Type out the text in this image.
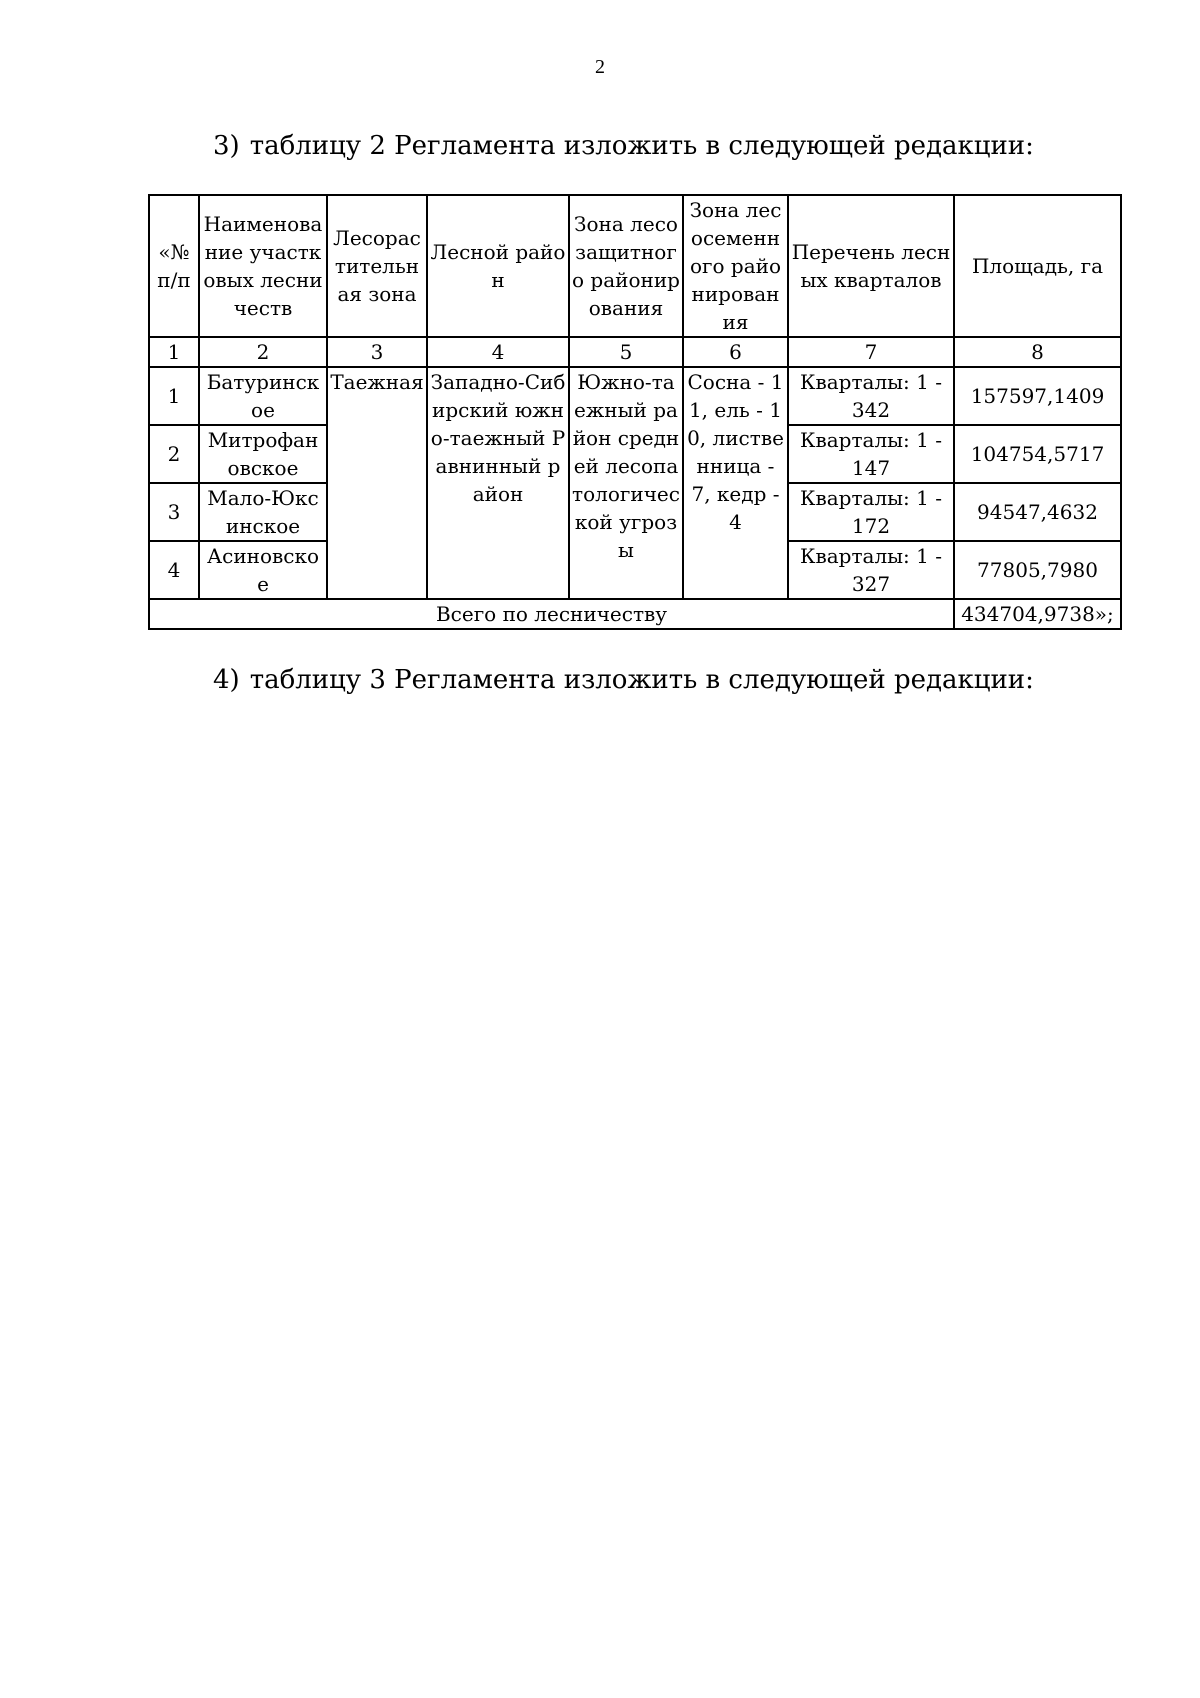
2
3) таблицу 2 Регламента изложить в следующей редакции:
«№ п/п	Наименование участковых лесничеств	Лесорастительная зона	Лесной район	Зона лесозащитного районирования	Зона лесосеменного районирования	Перечень лесных кварталов	Площадь, га
1	2	3	4	5	6	7	8
1	Батуринское	Таежная	Западно-Сибирский южно-таежный Равнинный район	Южно-таежный район средней лесопатологической угрозы	Сосна - 11, ель - 10, лиственница - 7, кедр - 4	Кварталы: 1 - 342	157597,1409
2	Митрофановское					Кварталы: 1 - 147	104754,5717
3	Мало-Юксинское					Кварталы: 1 - 172	94547,4632
4	Асиновское					Кварталы: 1 - 327	77805,7980
Всего по лесничеству							434704,9738»;
4) таблицу 3 Регламента изложить в следующей редакции:
